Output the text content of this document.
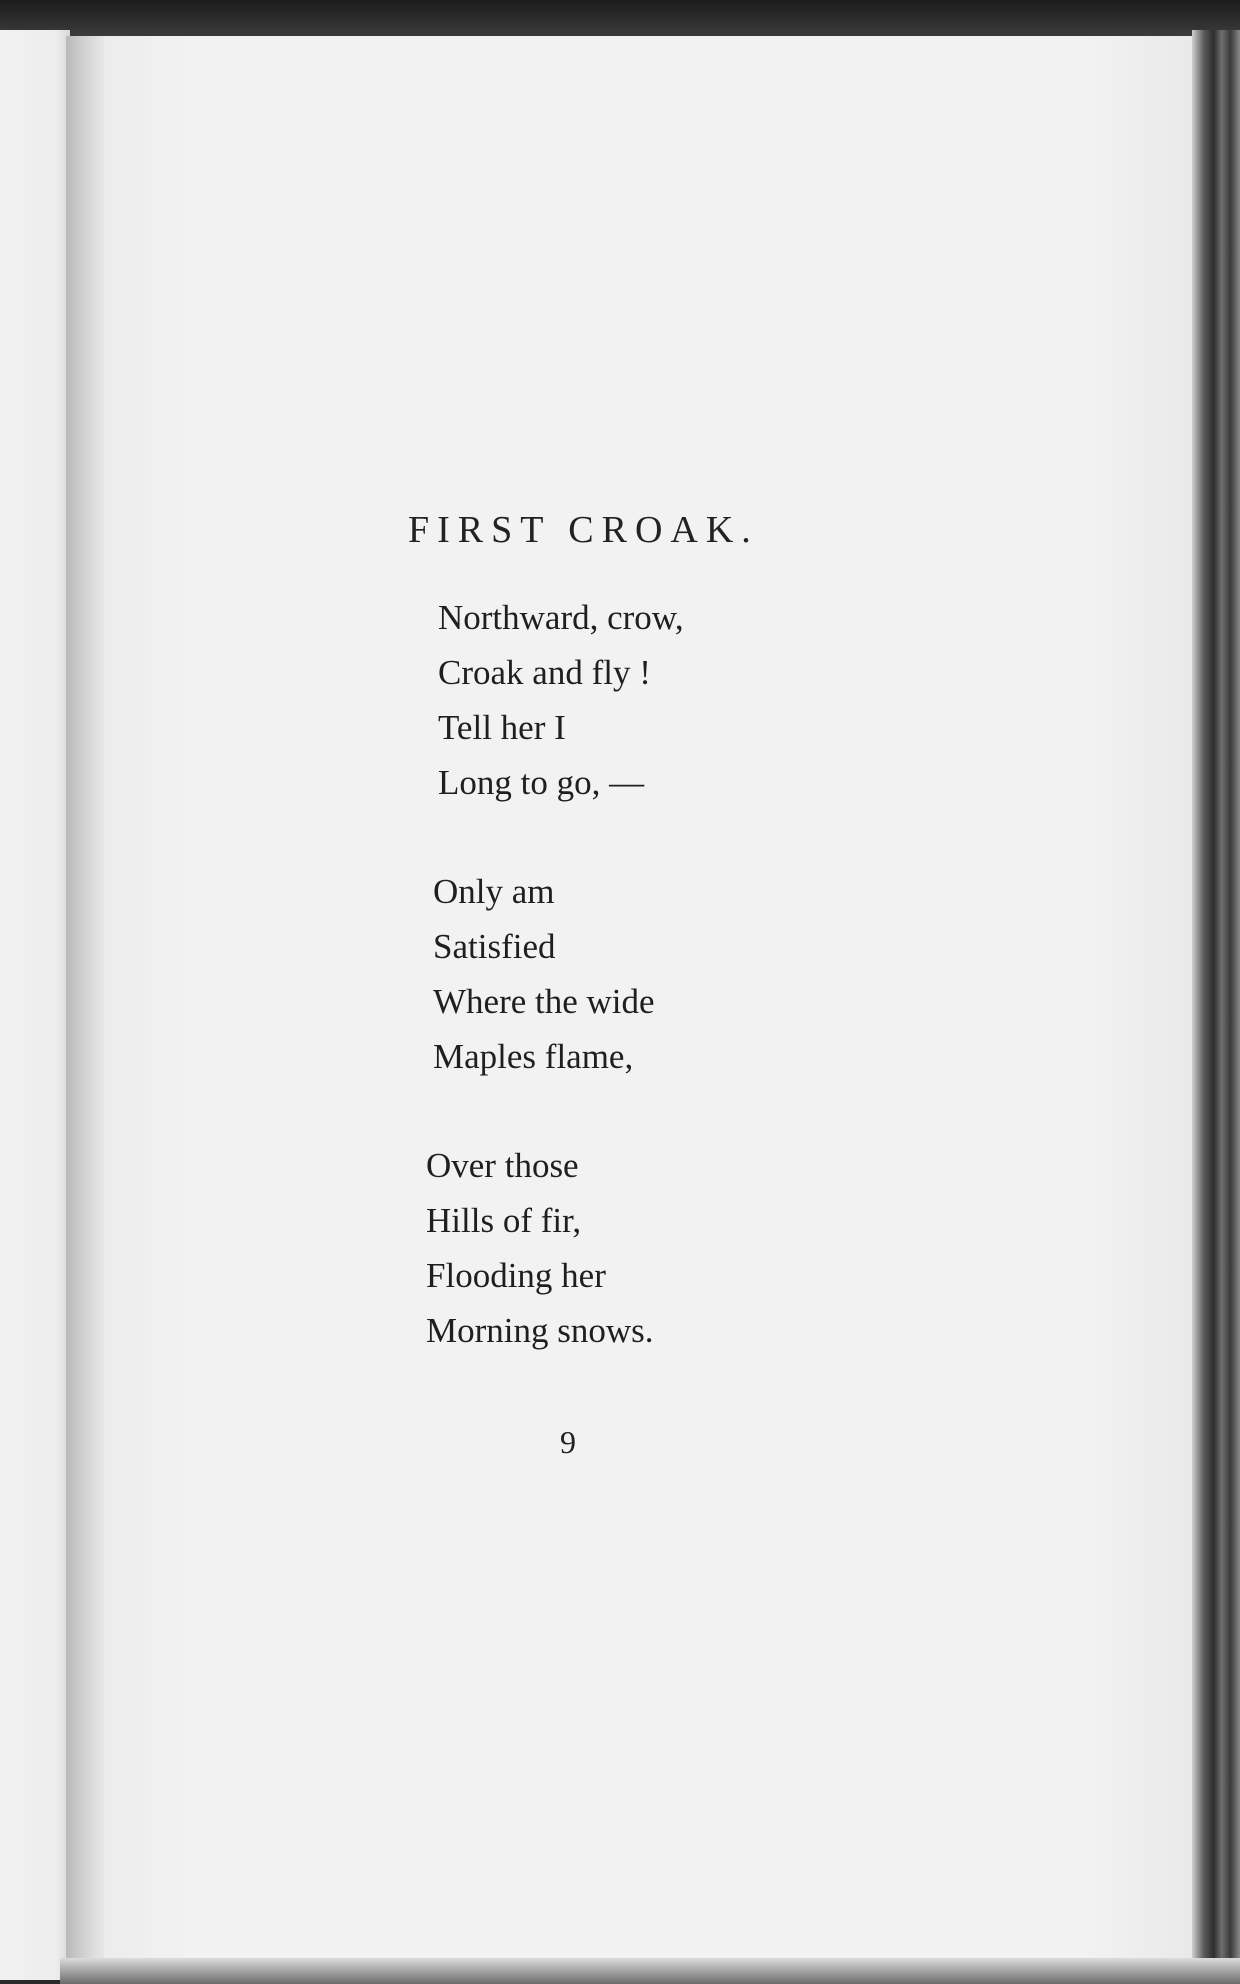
FIRST CROAK.
Northward, crow,
Croak and fly !
Tell her I
Long to go, —
Only am
Satisfied
Where the wide
Maples flame,
Over those
Hills of fir,
Flooding her
Morning snows.
9
